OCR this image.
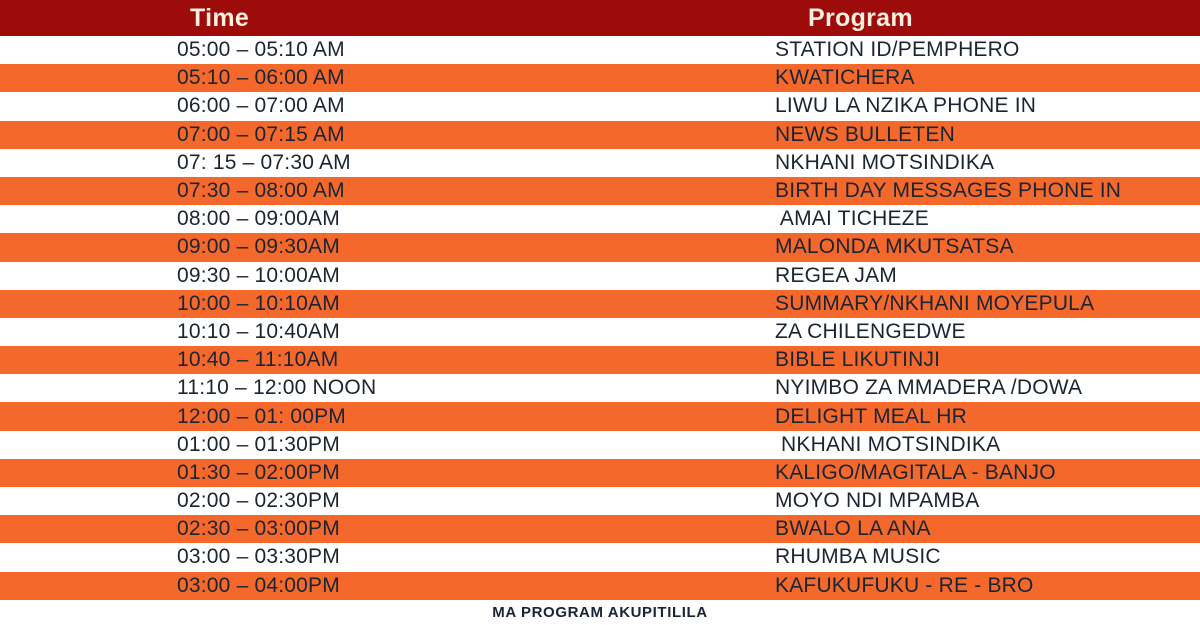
Time	Program
05:00 – 05:10 AM	STATION ID/PEMPHERO
05:10 – 06:00 AM	KWATICHERA
06:00 – 07:00 AM	LIWU LA NZIKA PHONE IN
07:00 – 07:15 AM	NEWS BULLETEN
07: 15 – 07:30 AM	NKHANI MOTSINDIKA
07:30 – 08:00 AM	BIRTH DAY MESSAGES PHONE IN
08:00 – 09:00AM	AMAI TICHEZE
09:00 – 09:30AM	MALONDA MKUTSATSA
09:30 – 10:00AM	REGEA JAM
10:00 – 10:10AM	SUMMARY/NKHANI MOYEPULA
10:10 – 10:40AM	ZA CHILENGEDWE
10:40 – 11:10AM	BIBLE LIKUTINJI
11:10 – 12:00 NOON	NYIMBO ZA MMADERA /DOWA
12:00 – 01: 00PM	DELIGHT MEAL HR
01:00 – 01:30PM	NKHANI MOTSINDIKA
01:30 – 02:00PM	KALIGO/MAGITALA - BANJO
02:00 – 02:30PM	MOYO NDI MPAMBA
02:30 – 03:00PM	BWALO LA ANA
03:00 – 03:30PM	RHUMBA MUSIC
03:00 – 04:00PM	KAFUKUFUKU - RE - BRO
MA PROGRAM AKUPITILILA
